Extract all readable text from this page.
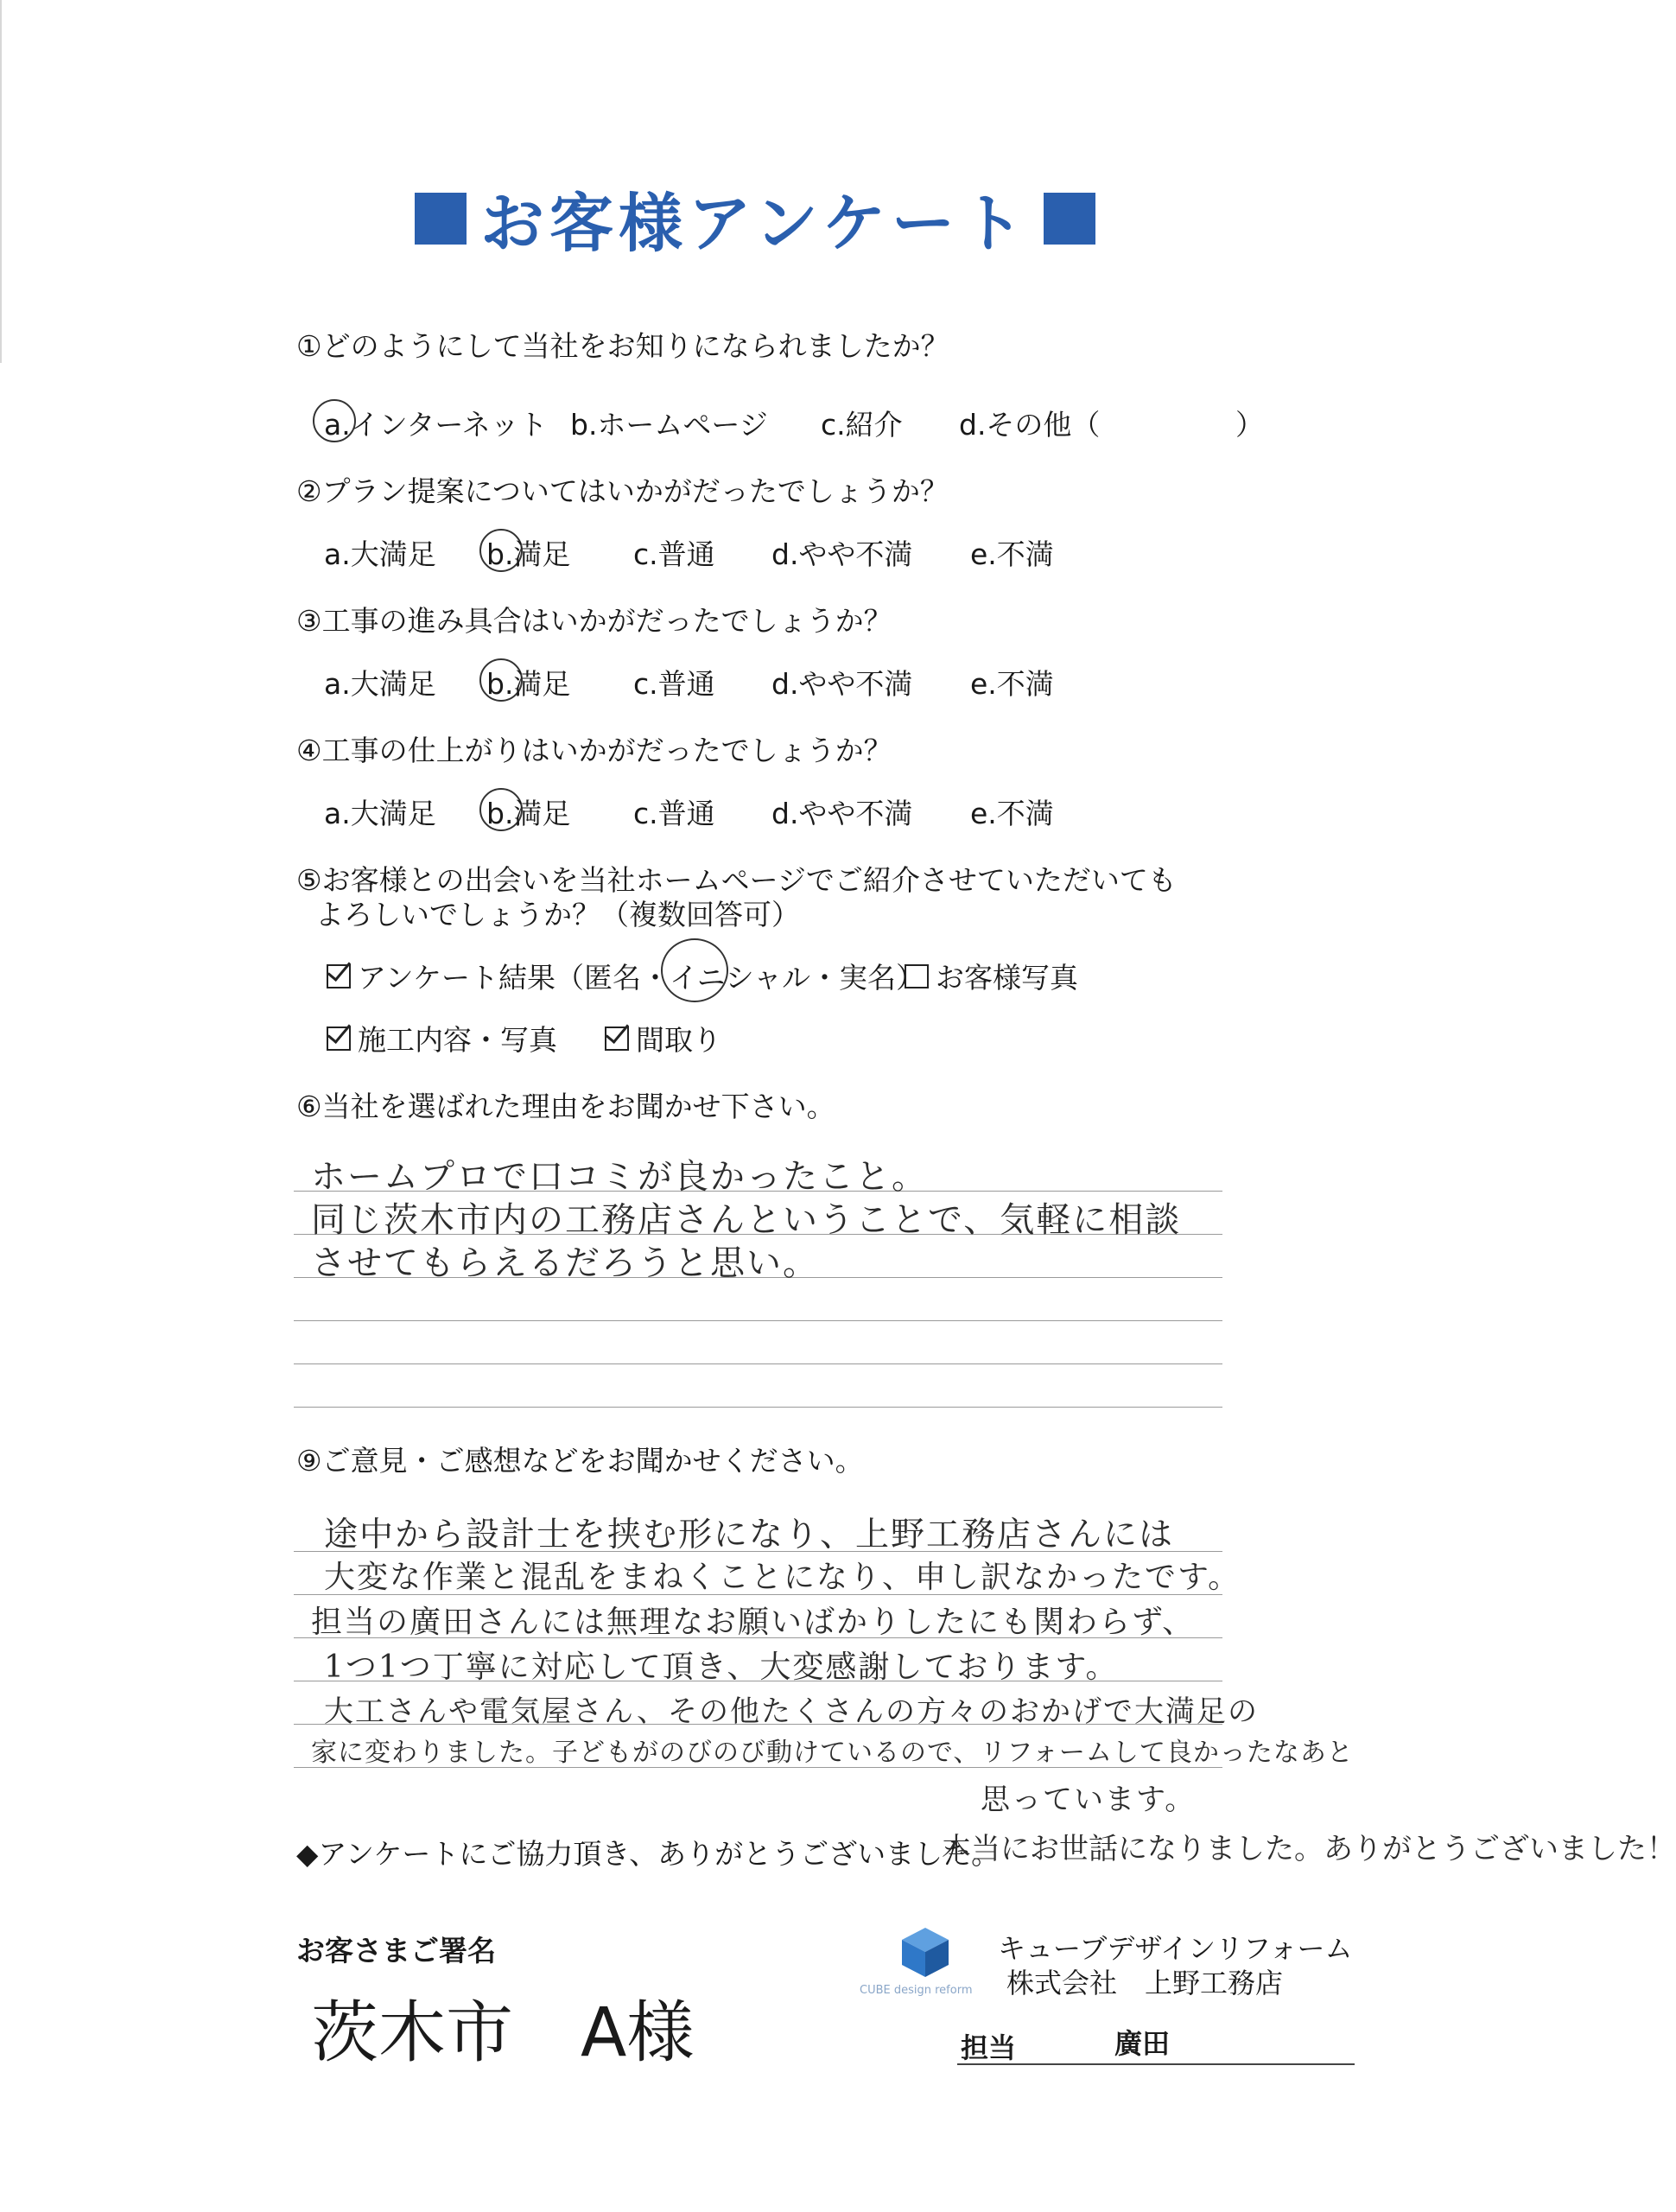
お客様アンケート
①どのようにして当社をお知りになられましたか？
a.インターネット b.ホームページ c.紹介 d.その他（	）
②プラン提案についてはいかがだったでしょうか？
a.大満足 b.満足 c.普通 d.やや不満 e.不満
③工事の進み具合はいかがだったでしょうか？
a.大満足 b.満足 c.普通 d.やや不満 e.不満
④工事の仕上がりはいかがだったでしょうか？
a.大満足 b.満足 c.普通 d.やや不満 e.不満
⑤お客様との出会いを当社ホームページでご紹介させていただいても
よろしいでしょうか？（複数回答可）
アンケート結果（匿名・イニシャル・実名） お客様写真
施工内容・写真	間取り
⑥当社を選ばれた理由をお聞かせ下さい。
ホームプロで口コミが良かったこと。
同じ茨木市内の工務店さんということで、気軽に相談
させてもらえるだろうと思い。
⑨ご意見・ご感想などをお聞かせください。
途中から設計士を挟む形になり、上野工務店さんには
大変な作業と混乱をまねくことになり、申し訳なかったです。
担当の廣田さんには無理なお願いばかりしたにも関わらず、
1つ1つ丁寧に対応して頂き、大変感謝しております。
大工さんや電気屋さん、その他たくさんの方々のおかげで大満足の
家に変わりました。子どもがのびのび動けているので、リフォームして良かったなあと
思っています。
◆アンケートにご協力頂き、ありがとうございました。
本当にお世話になりました。ありがとうございました！
お客さまご署名
茨木市　A様
CUBE design reform
キューブデザインリフォーム
株式会社　上野工務店
担当	廣田
